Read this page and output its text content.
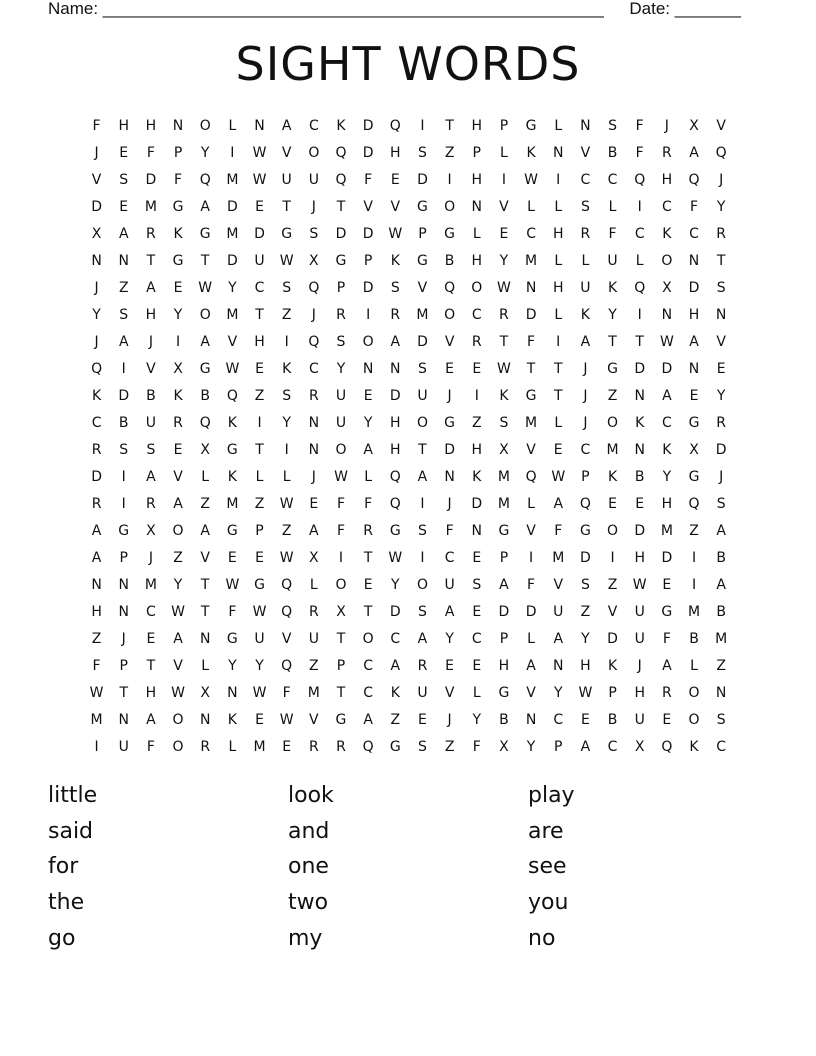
Name: _____________________________________________________ Date: _______
SIGHT WORDS
F	H	H	N	O	L	N	A	C	K	D	Q	I	T	H	P	G	L	N	S	F	J	X	V
J	E	F	P	Y	I	W	V	O	Q	D	H	S	Z	P	L	K	N	V	B	F	R	A	Q
V	S	D	F	Q	M	W	U	U	Q	F	E	D	I	H	I	W	I	C	C	Q	H	Q	J
D	E	M	G	A	D	E	T	J	T	V	V	G	O	N	V	L	L	S	L	I	C	F	Y
X	A	R	K	G	M	D	G	S	D	D	W	P	G	L	E	C	H	R	F	C	K	C	R
N	N	T	G	T	D	U	W	X	G	P	K	G	B	H	Y	M	L	L	U	L	O	N	T
J	Z	A	E	W	Y	C	S	Q	P	D	S	V	Q	O	W	N	H	U	K	Q	X	D	S
Y	S	H	Y	O	M	T	Z	J	R	I	R	M	O	C	R	D	L	K	Y	I	N	H	N
J	A	J	I	A	V	H	I	Q	S	O	A	D	V	R	T	F	I	A	T	T	W	A	V
Q	I	V	X	G	W	E	K	C	Y	N	N	S	E	E	W	T	T	J	G	D	D	N	E
K	D	B	K	B	Q	Z	S	R	U	E	D	U	J	I	K	G	T	J	Z	N	A	E	Y
C	B	U	R	Q	K	I	Y	N	U	Y	H	O	G	Z	S	M	L	J	O	K	C	G	R
R	S	S	E	X	G	T	I	N	O	A	H	T	D	H	X	V	E	C	M	N	K	X	D
D	I	A	V	L	K	L	L	J	W	L	Q	A	N	K	M	Q	W	P	K	B	Y	G	J
R	I	R	A	Z	M	Z	W	E	F	F	Q	I	J	D	M	L	A	Q	E	E	H	Q	S
A	G	X	O	A	G	P	Z	A	F	R	G	S	F	N	G	V	F	G	O	D	M	Z	A
A	P	J	Z	V	E	E	W	X	I	T	W	I	C	E	P	I	M	D	I	H	D	I	B
N	N	M	Y	T	W	G	Q	L	O	E	Y	O	U	S	A	F	V	S	Z	W	E	I	A
H	N	C	W	T	F	W	Q	R	X	T	D	S	A	E	D	D	U	Z	V	U	G	M	B
Z	J	E	A	N	G	U	V	U	T	O	C	A	Y	C	P	L	A	Y	D	U	F	B	M
F	P	T	V	L	Y	Y	Q	Z	P	C	A	R	E	E	H	A	N	H	K	J	A	L	Z
W	T	H	W	X	N	W	F	M	T	C	K	U	V	L	G	V	Y	W	P	H	R	O	N
M	N	A	O	N	K	E	W	V	G	A	Z	E	J	Y	B	N	C	E	B	U	E	O	S
I	U	F	O	R	L	M	E	R	R	Q	G	S	Z	F	X	Y	P	A	C	X	Q	K	C
little	look	play
said	and	are
for	one	see
the	two	you
go	my	no
